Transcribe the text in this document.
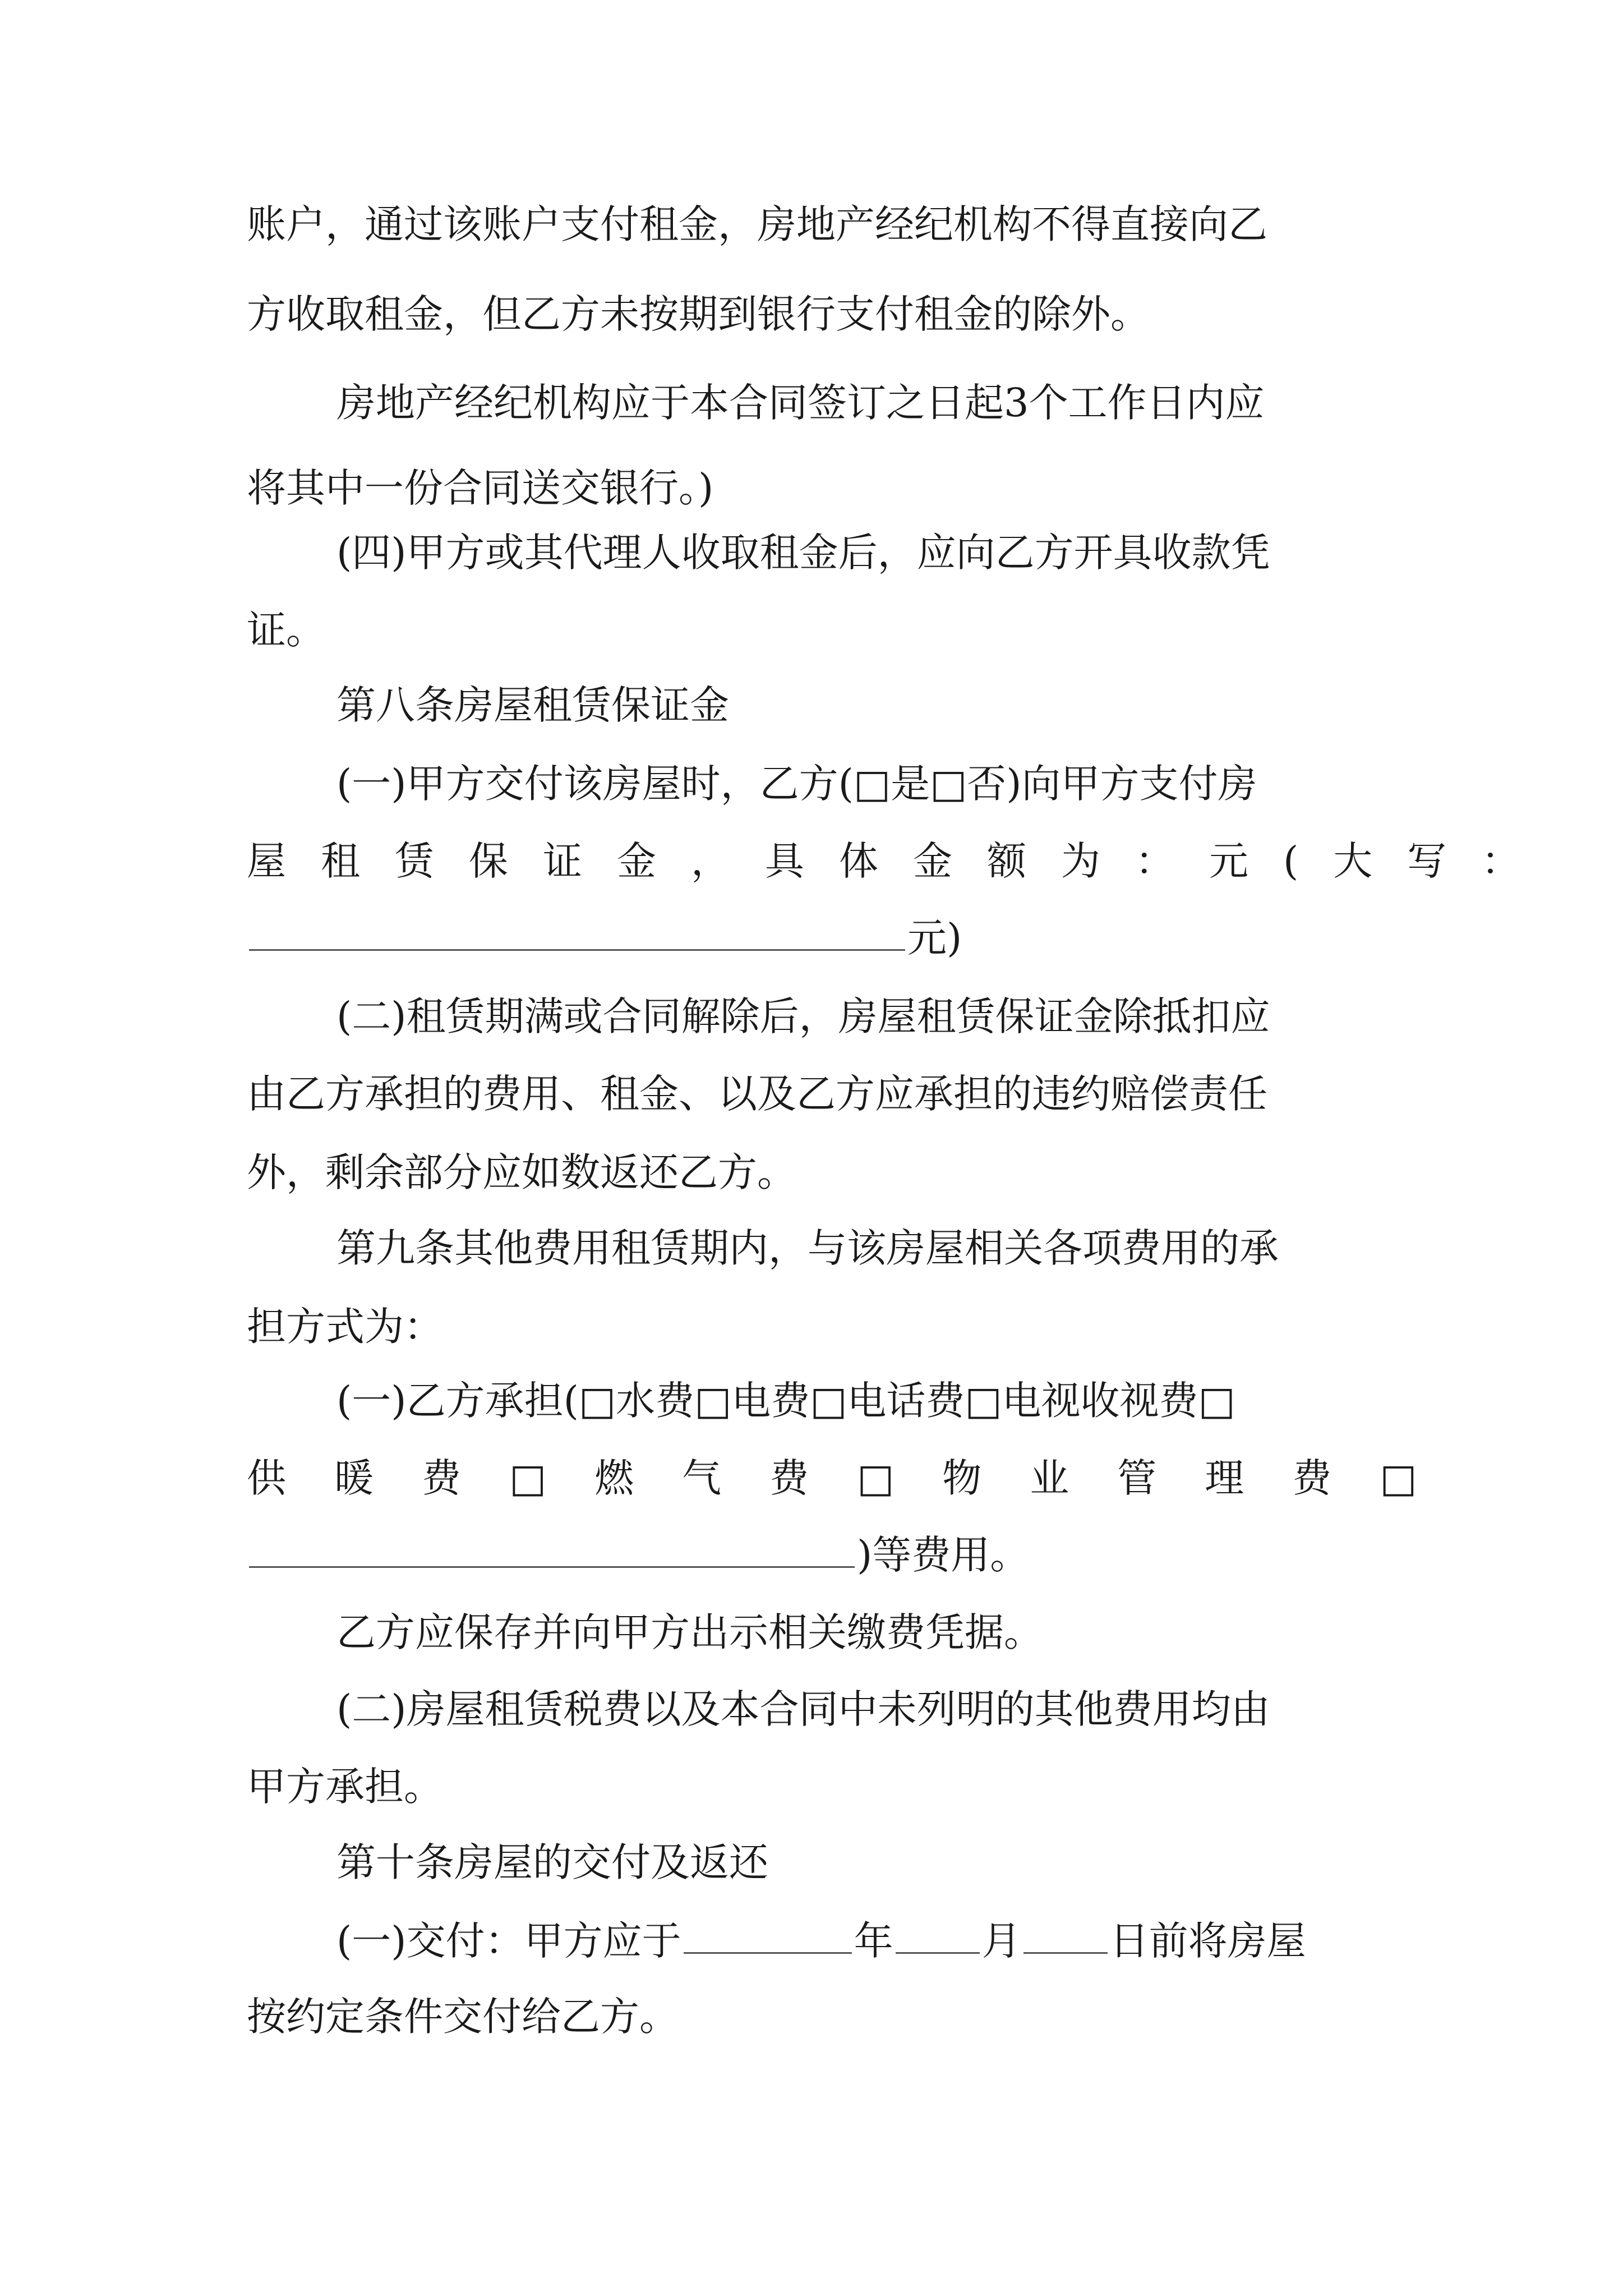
账户，通过该账户支付租金，房地产经纪机构不得直接向乙
方收取租金，但乙方未按期到银行支付租金的除外。
房地产经纪机构应于本合同签订之日起3个工作日内应
将其中一份合同送交银行。)
(四)甲方或其代理人收取租金后，应向乙方开具收款凭
证。
第八条房屋租赁保证金
(一)甲方交付该房屋时，乙方(□是□否)向甲方支付房
屋租赁保证金，具体金额为：元(大写：
元)
(二)租赁期满或合同解除后，房屋租赁保证金除抵扣应
由乙方承担的费用、租金、以及乙方应承担的违约赔偿责任
外，剩余部分应如数返还乙方。
第九条其他费用租赁期内，与该房屋相关各项费用的承
担方式为：
(一)乙方承担(□水费□电费□电话费□电视收视费□
供暖费□燃气费□物业管理费□
)等费用。
乙方应保存并向甲方出示相关缴费凭据。
(二)房屋租赁税费以及本合同中未列明的其他费用均由
甲方承担。
第十条房屋的交付及返还
(一)交付：甲方应于	年 月 日前将房屋
按约定条件交付给乙方。
